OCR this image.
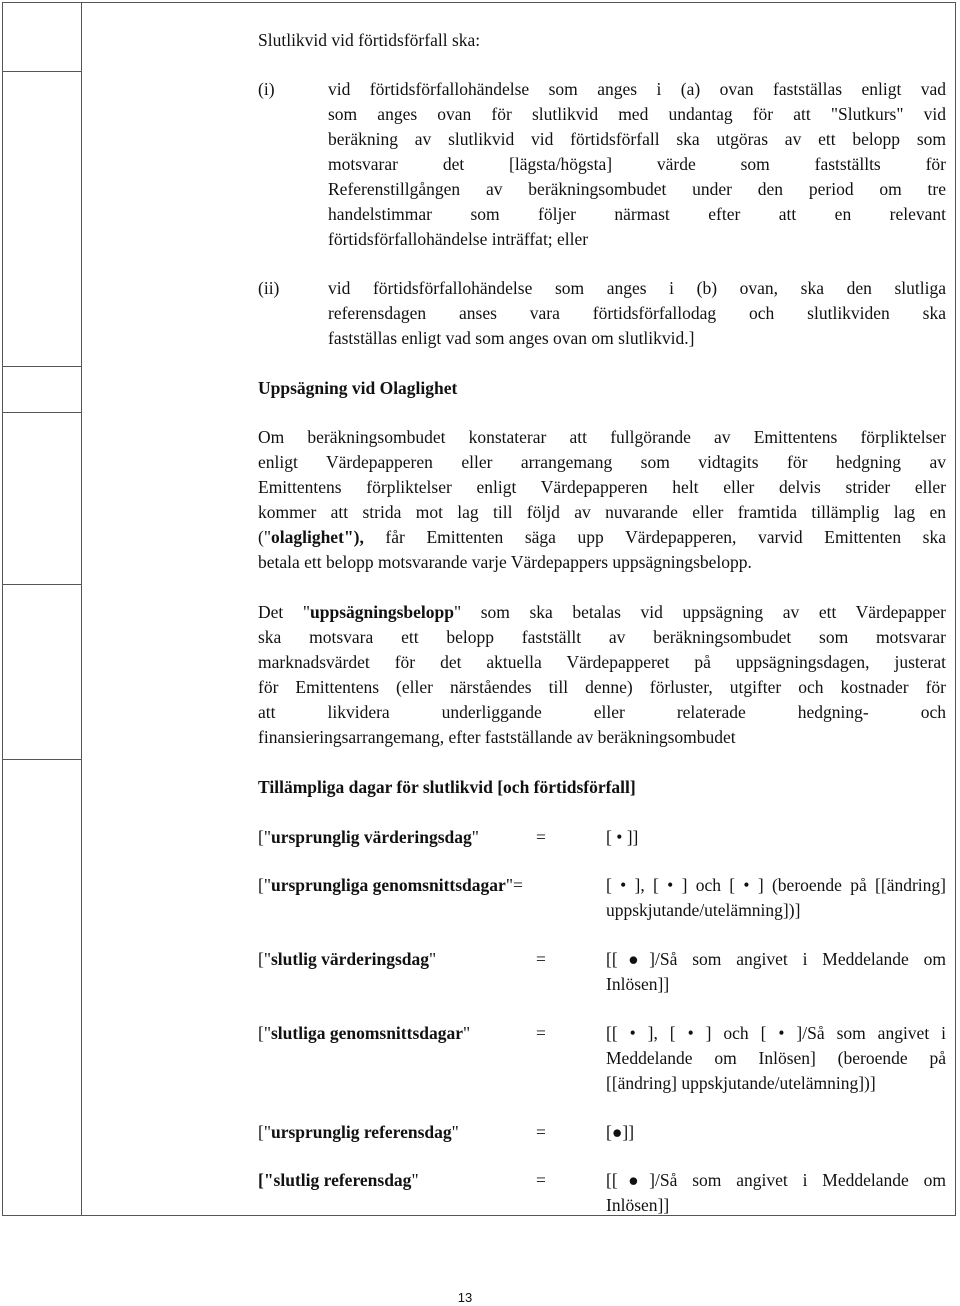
Slutlikvid vid förtidsförfall ska:

(i)	vid förtidsförfallohändelse som anges i (a) ovan fastställas enligt vad
som anges ovan för slutlikvid med undantag för att "Slutkurs" vid
beräkning av slutlikvid vid förtidsförfall ska utgöras av ett belopp som
motsvarar det [lägsta/högsta] värde som fastställts för
Referenstillgången av beräkningsombudet under den period om tre
handelstimmar som följer närmast efter att en relevant
förtidsförfallohändelse inträffat; eller
(ii)	vid förtidsförfallohändelse som anges i (b) ovan, ska den slutliga
referensdagen anses vara förtidsförfallodag och slutlikviden ska
fastställas enligt vad som anges ovan om slutlikvid.]

Uppsägning vid Olaglighet

Om beräkningsombudet konstaterar att fullgörande av Emittentens förpliktelser
enligt Värdepapperen eller arrangemang som vidtagits för hedgning av
Emittentens förpliktelser enligt Värdepapperen helt eller delvis strider eller
kommer att strida mot lag till följd av nuvarande eller framtida tillämplig lag en
("olaglighet"), får Emittenten säga upp Värdepapperen, varvid Emittenten ska
betala ett belopp motsvarande varje Värdepappers uppsägningsbelopp.
Det "uppsägningsbelopp" som ska betalas vid uppsägning av ett Värdepapper
ska motsvara ett belopp fastställt av beräkningsombudet som motsvarar
marknadsvärdet för det aktuella Värdepapperet på uppsägningsdagen, justerat
för Emittentens (eller närståendes till denne) förluster, utgifter och kostnader för
att likvidera underliggande eller relaterade hedgning- och
finansieringsarrangemang, efter fastställande av beräkningsombudet

Tillämpliga dagar för slutlikvid [och förtidsförfall]

["ursprunglig värderingsdag"	=	[ • ]]
["ursprungliga genomsnittsdagar"=	[ • ], [ • ] och [ • ] (beroende på [[ändring]
uppskjutande/utelämning])]
["slutlig värderingsdag"	=	[[●]/Så som angivet i Meddelande om
Inlösen]]
["slutliga genomsnittsdagar"	=	[[ • ], [ • ] och [ • ]/Så som angivet i
Meddelande om Inlösen] (beroende på
[[ändring] uppskjutande/utelämning])]
["ursprunglig referensdag"	=	[●]]
["slutlig referensdag"	=	[[●]/Så som angivet i Meddelande om
Inlösen]]
13
